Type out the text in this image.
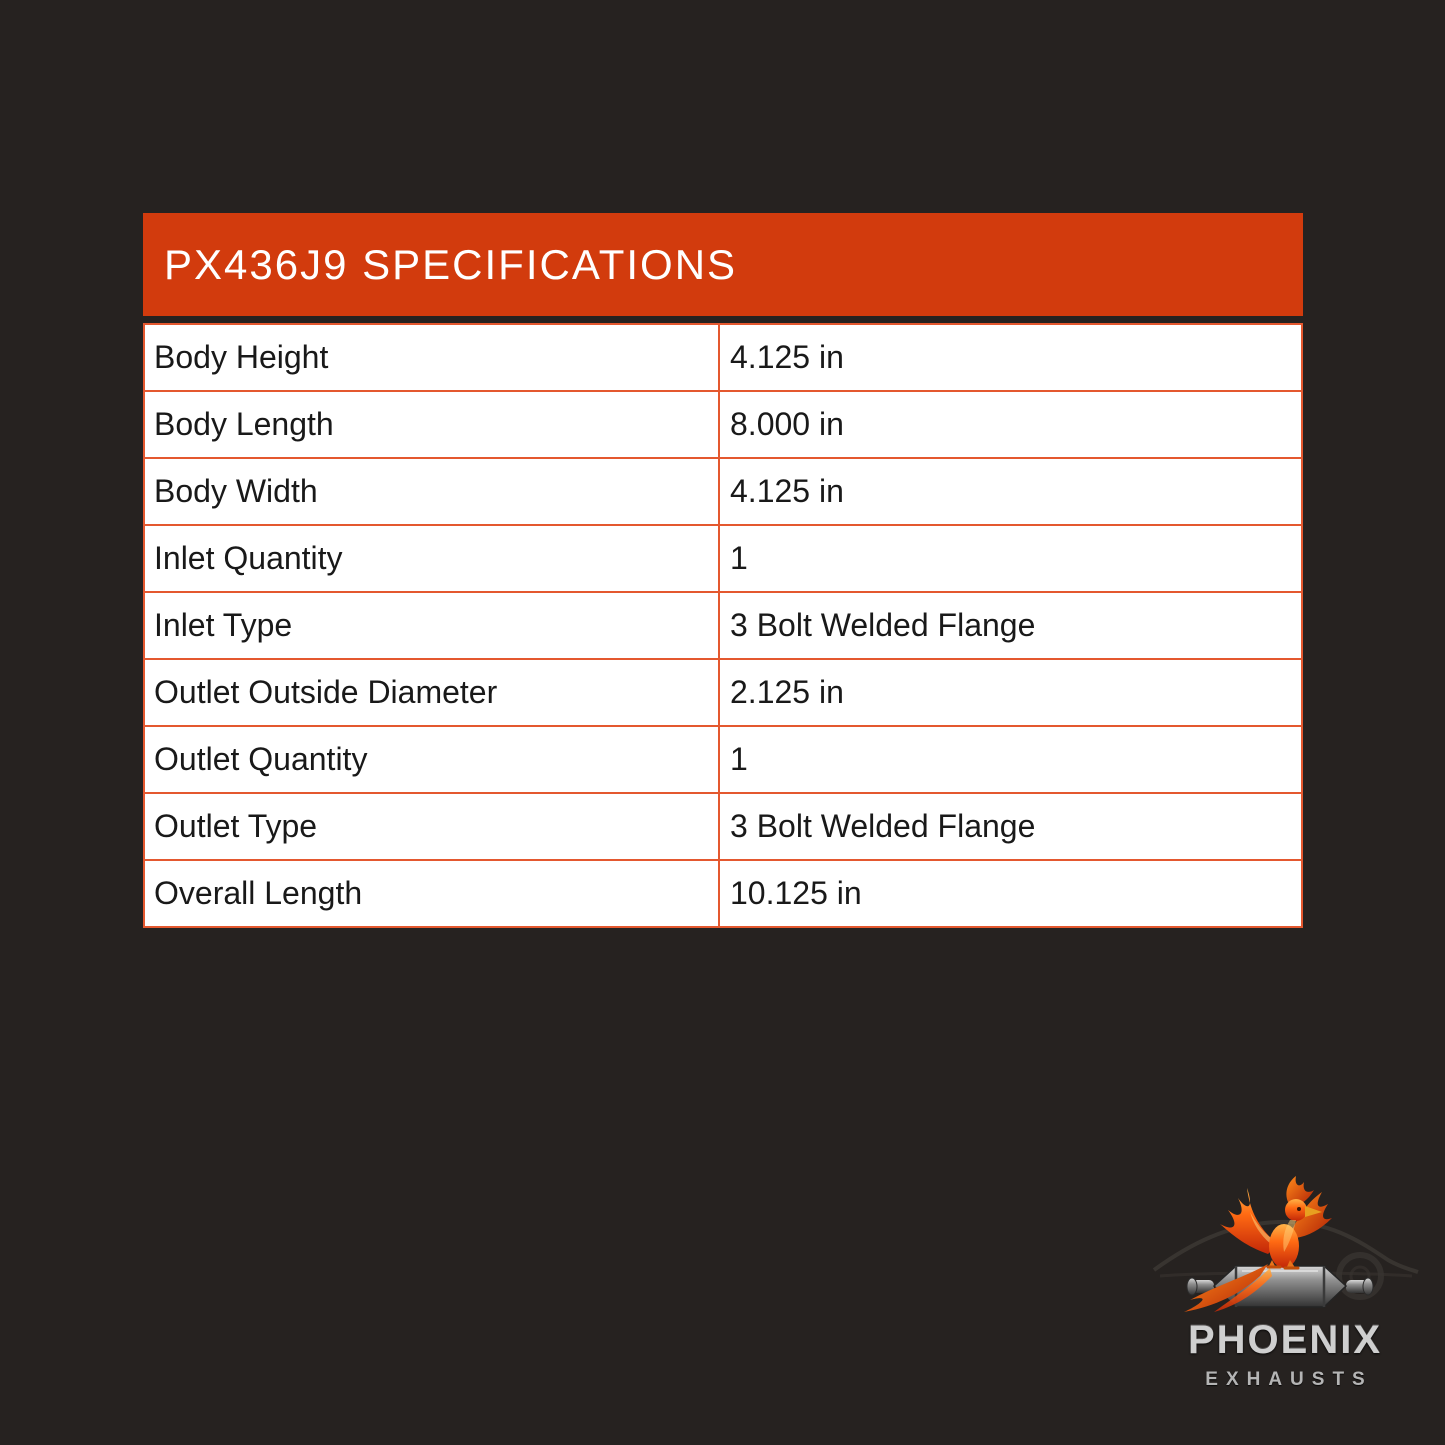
PX436J9 SPECIFICATIONS
Body Height	4.125 in
Body Length	8.000 in
Body Width	4.125 in
Inlet Quantity	1
Inlet Type	3 Bolt Welded Flange
Outlet Outside Diameter	2.125 in
Outlet Quantity	1
Outlet Type	3 Bolt Welded Flange
Overall Length	10.125 in
PHOENIX
EXHAUSTS
